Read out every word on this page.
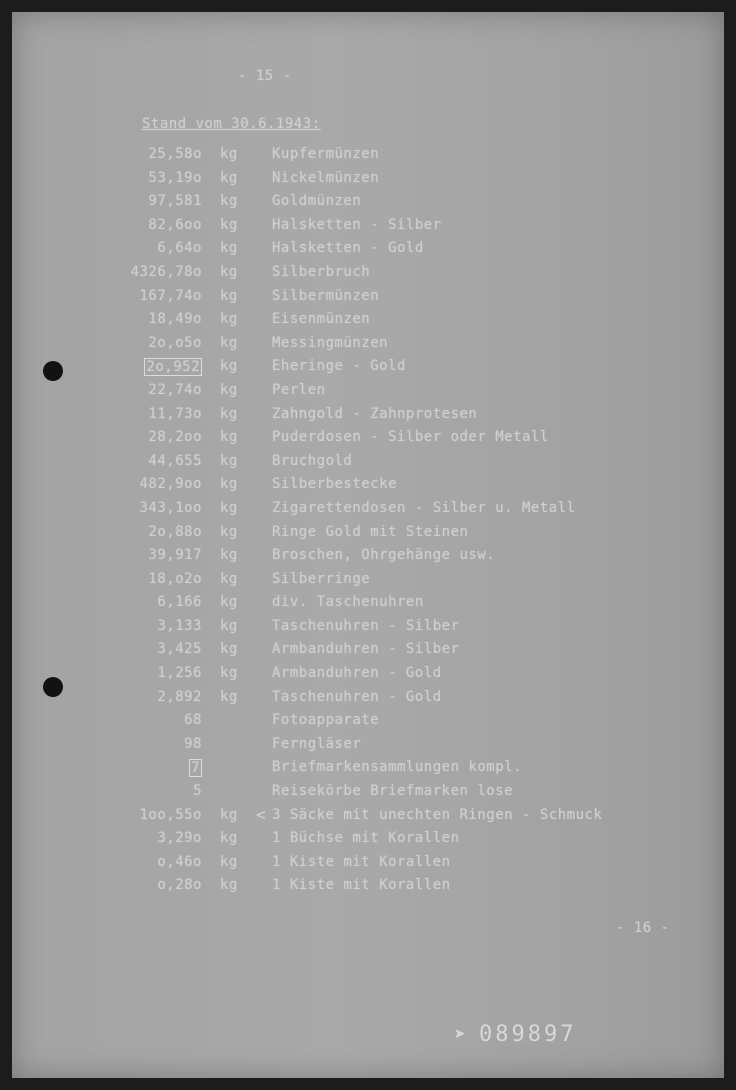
- 15 -
Stand vom 30.6.1943:
25,58o kg Kupfermünzen
53,19o kg Nickelmünzen
97,581 kg Goldmünzen
82,6oo kg Halsketten - Silber
6,64o kg Halsketten - Gold
4326,78o kg Silberbruch
167,74o kg Silbermünzen
18,49o kg Eisenmünzen
2o,o5o kg Messingmünzen
2o,952 kg Eheringe - Gold
22,74o kg Perlen
11,73o kg Zahngold - Zahnprotesen
28,2oo kg Puderdosen - Silber oder Metall
44,655 kg Bruchgold
482,9oo kg Silberbestecke
343,1oo kg Zigarettendosen - Silber u. Metall
2o,88o kg Ringe Gold mit Steinen
39,917 kg Broschen, Ohrgehänge usw.
18,o2o kg Silberringe
6,166 kg div. Taschenuhren
3,133 kg Taschenuhren - Silber
3,425 kg Armbanduhren - Silber
1,256 kg Armbanduhren - Gold
2,892 kg Taschenuhren - Gold
68	Fotoapparate
98	Ferngläser
7	Briefmarkensammlungen kompl.
5	Reisekörbe Briefmarken lose
1oo,55o kg < 3 Säcke mit unechten Ringen - Schmuck
3,29o kg 1 Büchse mit Korallen
o,46o kg 1 Kiste mit Korallen
o,28o kg 1 Kiste mit Korallen
- 16 -
➤ 089897
